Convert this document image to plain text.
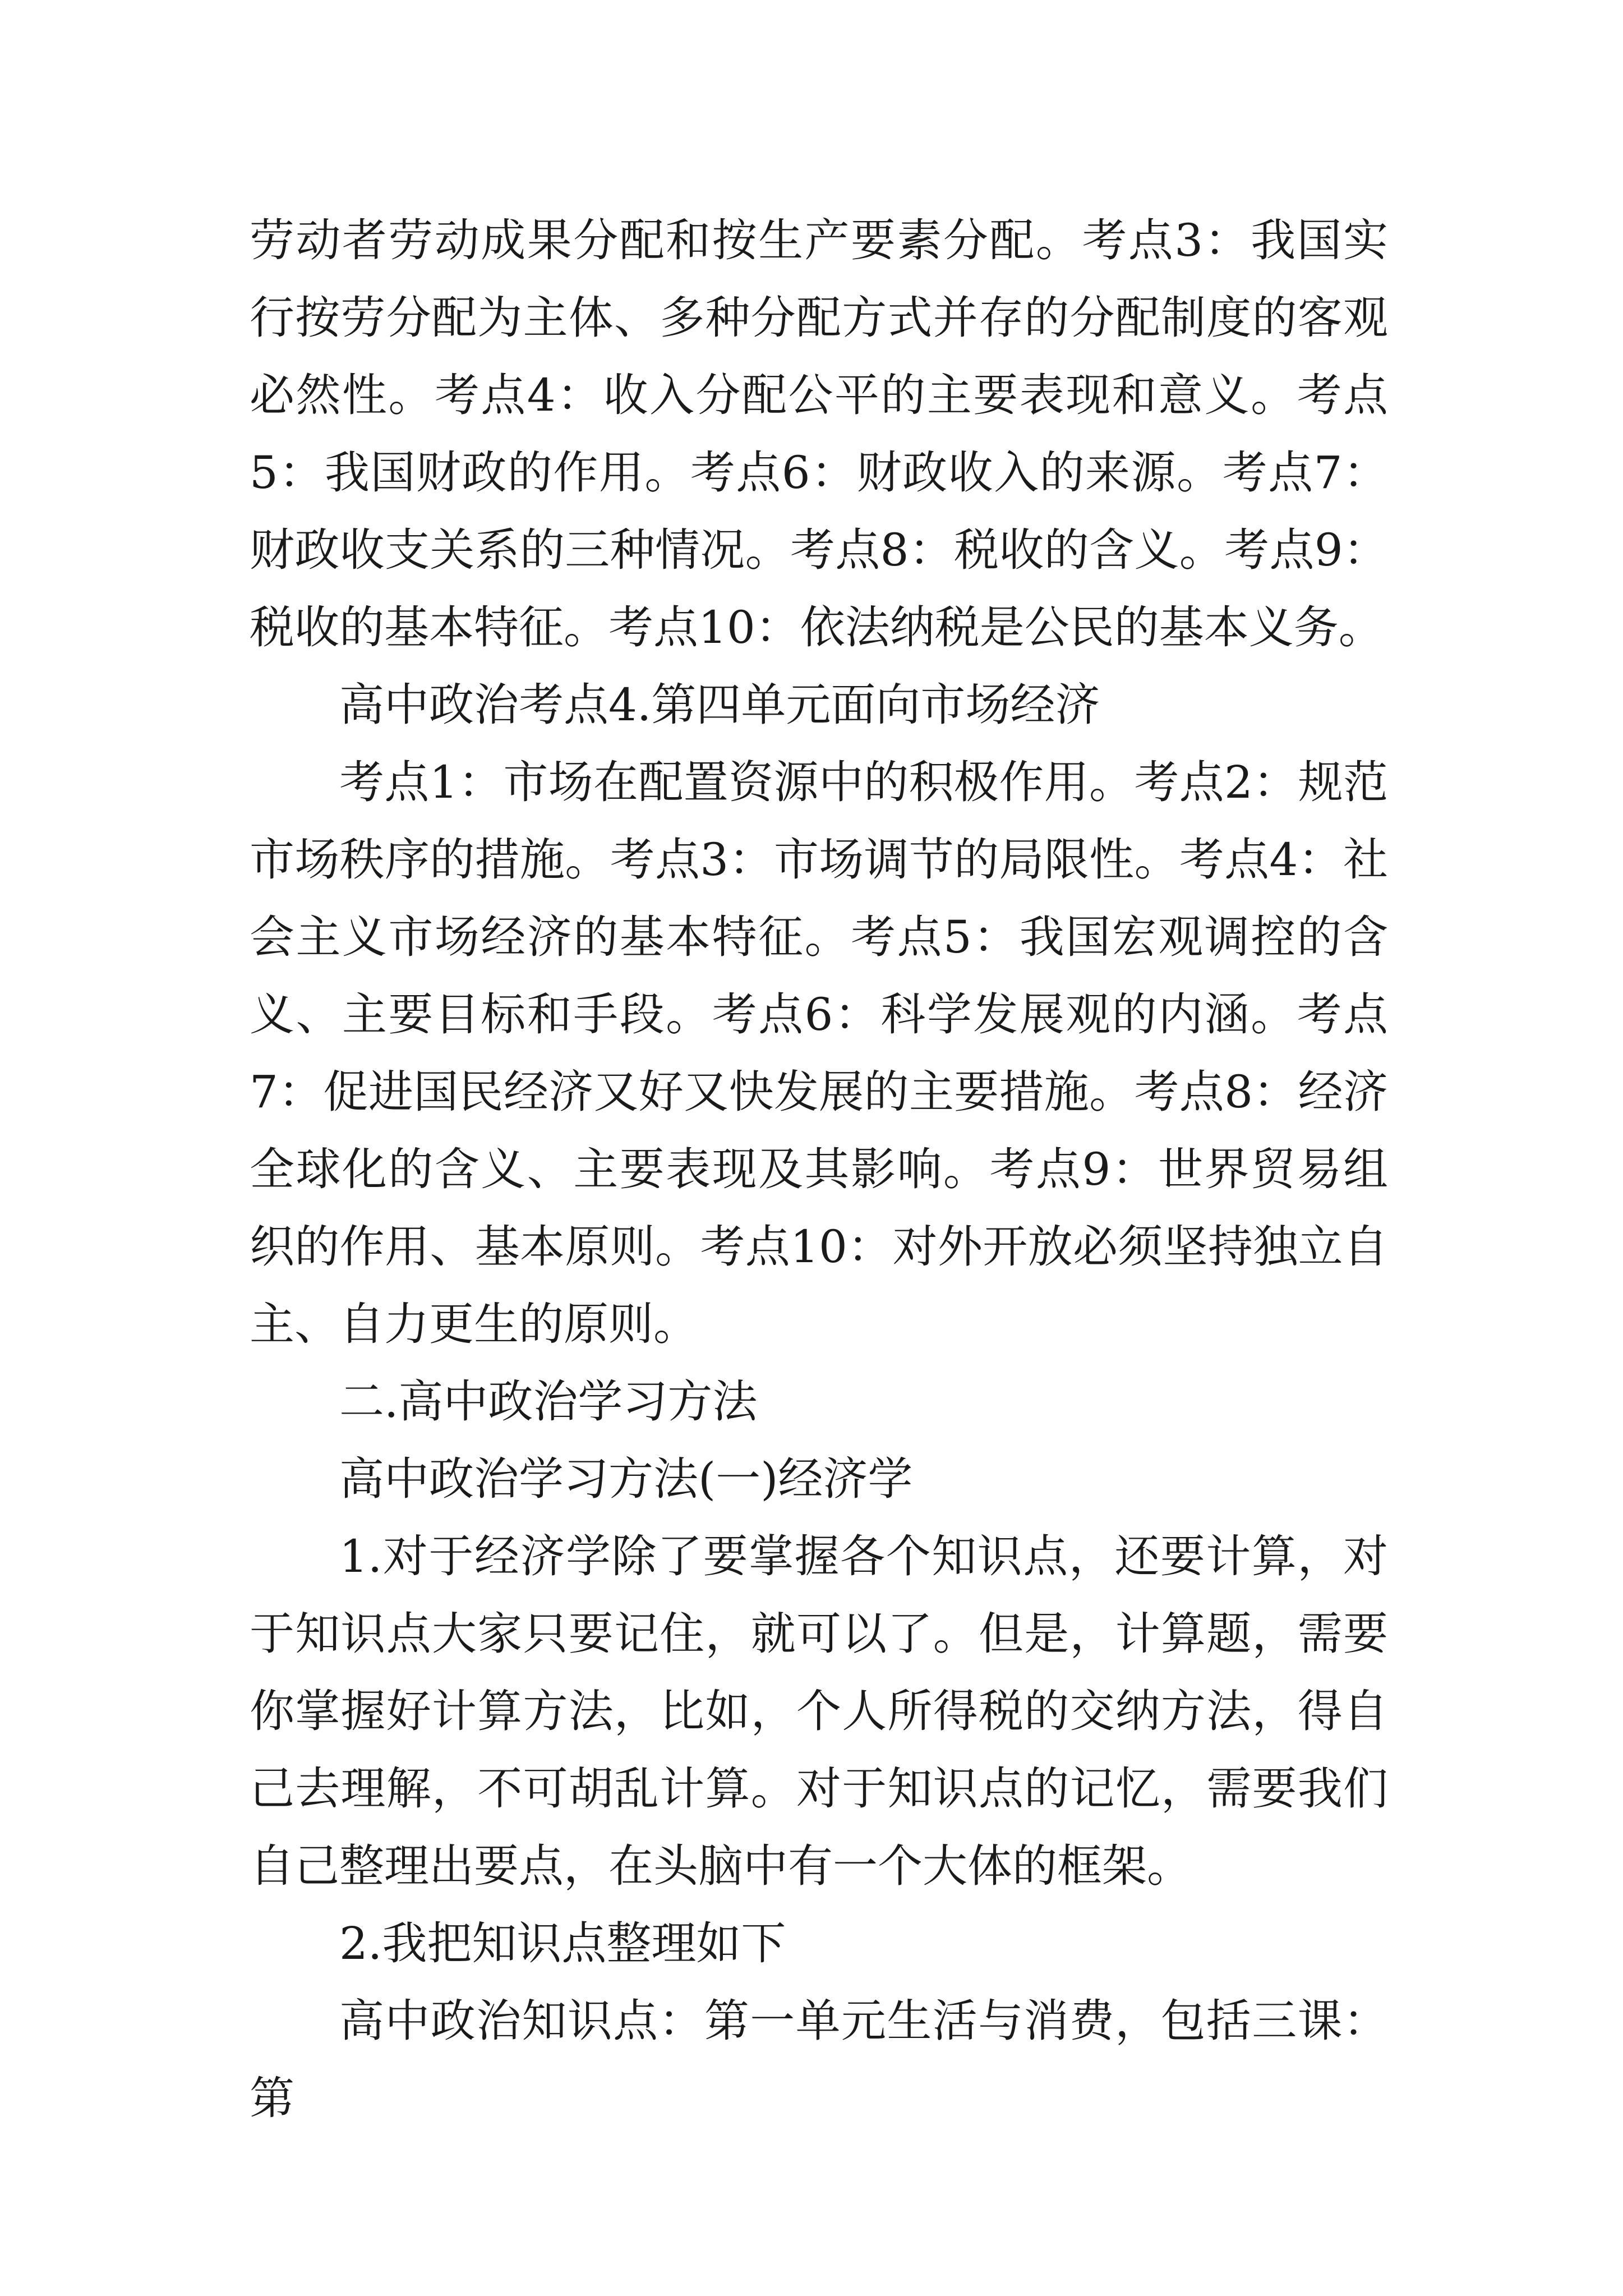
劳动者劳动成果分配和按生产要素分配。考点3：我国实行按劳分配为主体、多种分配方式并存的分配制度的客观必然性。考点4：收入分配公平的主要表现和意义。考点5：我国财政的作用。考点6：财政收入的来源。考点7：财政收支关系的三种情况。考点8：税收的含义。考点9：税收的基本特征。考点10：依法纳税是公民的基本义务。

高中政治考点4.第四单元面向市场经济

考点1：市场在配置资源中的积极作用。考点2：规范市场秩序的措施。考点3：市场调节的局限性。考点4：社会主义市场经济的基本特征。考点5：我国宏观调控的含义、主要目标和手段。考点6：科学发展观的内涵。考点7：促进国民经济又好又快发展的主要措施。考点8：经济全球化的含义、主要表现及其影响。考点9：世界贸易组织的作用、基本原则。考点10：对外开放必须坚持独立自主、自力更生的原则。

二.高中政治学习方法

高中政治学习方法(一)经济学

1.对于经济学除了要掌握各个知识点，还要计算，对于知识点大家只要记住，就可以了。但是，计算题，需要你掌握好计算方法，比如，个人所得税的交纳方法，得自己去理解，不可胡乱计算。对于知识点的记忆，需要我们自己整理出要点，在头脑中有一个大体的框架。

2.我把知识点整理如下

高中政治知识点：第一单元生活与消费，包括三课：第
